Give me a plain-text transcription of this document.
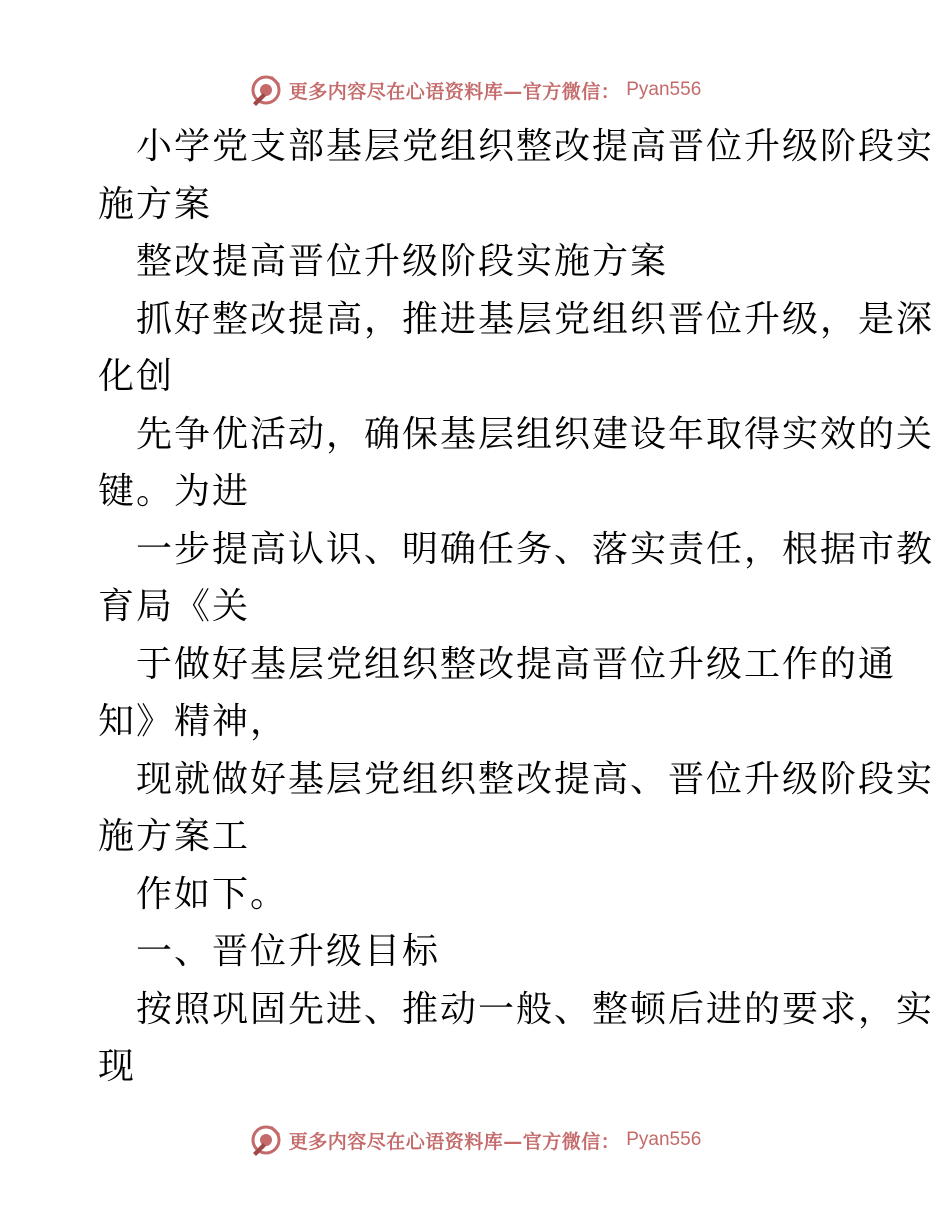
更多内容尽在心语资料库—官方微信： Pyan556
小学党支部基层党组织整改提高晋位升级阶段实
施方案
整改提高晋位升级阶段实施方案
抓好整改提高，推进基层党组织晋位升级，是深
化创
先争优活动，确保基层组织建设年取得实效的关
键。为进
一步提高认识、明确任务、落实责任，根据市教
育局《关
于做好基层党组织整改提高晋位升级工作的通
知》精神，
现就做好基层党组织整改提高、晋位升级阶段实
施方案工
作如下。
一、晋位升级目标
按照巩固先进、推动一般、整顿后进的要求，实
现
更多内容尽在心语资料库—官方微信： Pyan556
